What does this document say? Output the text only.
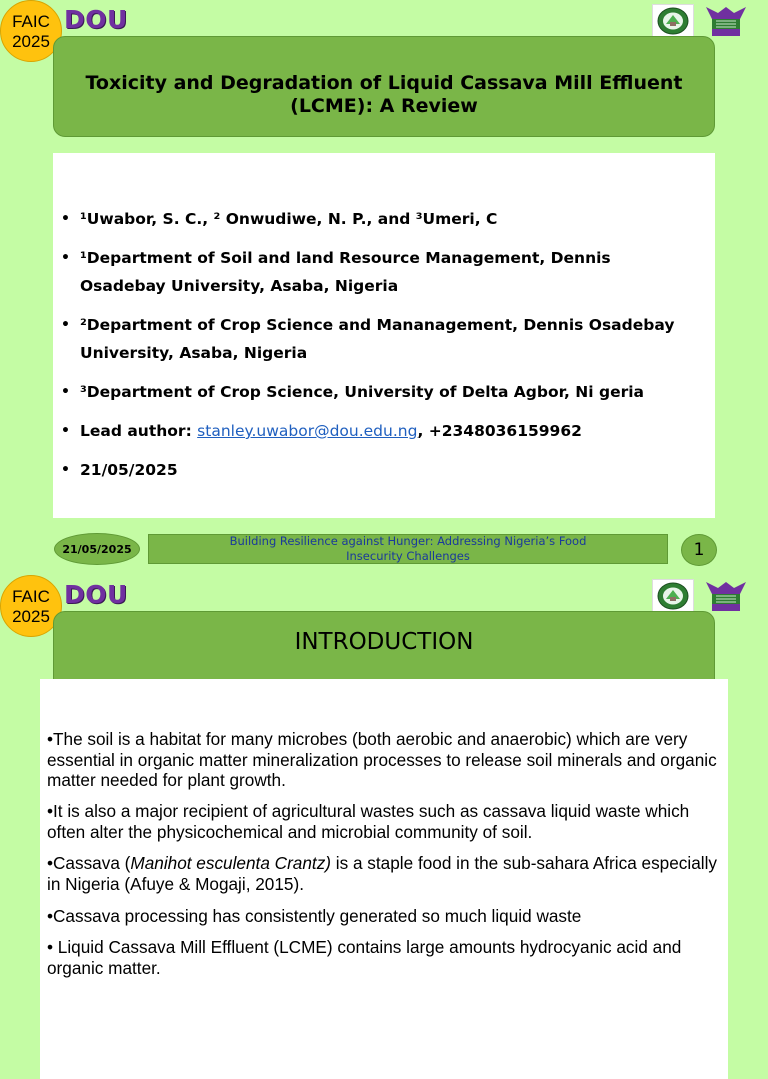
FAIC
2025
DOU
Toxicity and Degradation of Liquid Cassava Mill Effluent (LCME): A Review
• ¹Uwabor, S. C., ² Onwudiwe, N. P., and ³Umeri, C
• ¹Department of Soil and land Resource Management, Dennis Osadebay University, Asaba, Nigeria
• ²Department of Crop Science and Mananagement, Dennis Osadebay University, Asaba, Nigeria
• ³Department of Crop Science, University of Delta Agbor, Ni geria
• Lead author: stanley.uwabor@dou.edu.ng, +2348036159962
• 21/05/2025
21/05/2025
Building Resilience against Hunger: Addressing Nigeria’s Food Insecurity Challenges	1
FAIC
2025
DOU
INTRODUCTION

•The soil is a habitat for many microbes (both aerobic and anaerobic) which are very essential in organic matter mineralization processes to release soil minerals and organic matter needed for plant growth.

•It is also a major recipient of agricultural wastes such as cassava liquid waste which often alter the physicochemical and microbial community of soil.

•Cassava (Manihot esculenta Crantz) is a staple food in the sub-sahara Africa especially in Nigeria (Afuye & Mogaji, 2015).

•Cassava processing has consistently generated so much liquid waste

• Liquid Cassava Mill Effluent (LCME) contains large amounts hydrocyanic acid and organic matter.
